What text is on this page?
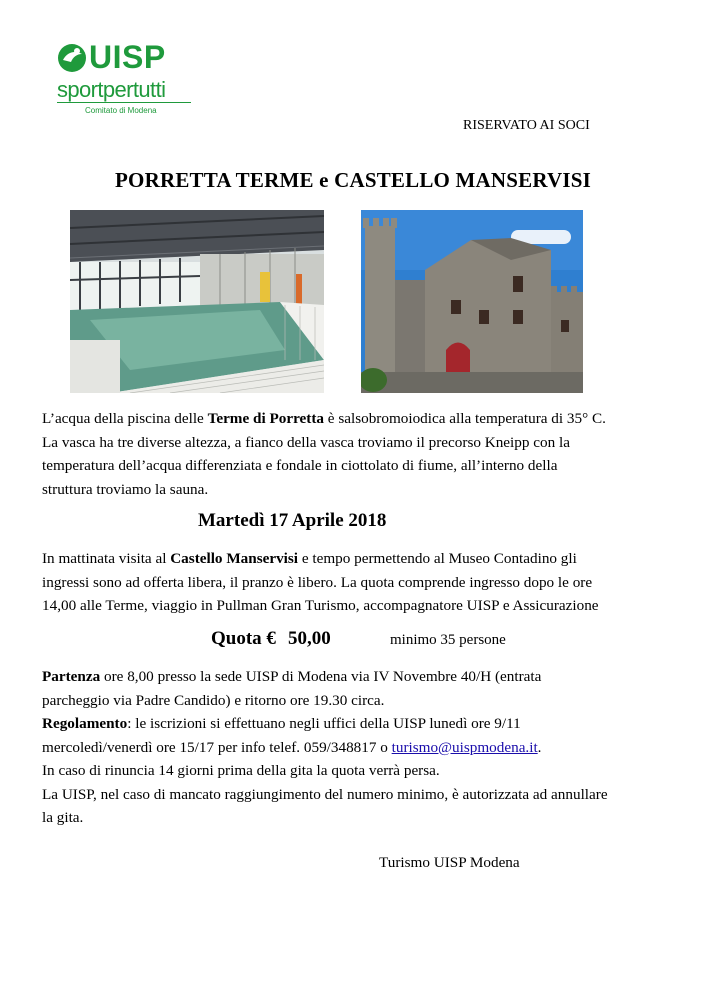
UISP
sportpertutti
Comitato di Modena
RISERVATO AI SOCI
PORRETTA TERME e CASTELLO MANSERVISI
L’acqua della piscina delle Terme di Porretta è salsobromoiodica alla temperatura di 35° C.
La vasca ha tre diverse altezza, a fianco della vasca troviamo il precorso Kneipp con la
temperatura dell’acqua differenziata e fondale in ciottolato di fiume, all’interno della
struttura troviamo la sauna.
Martedì 17 Aprile 2018
In mattinata visita al Castello Manservisi e tempo permettendo al Museo Contadino gli
ingressi sono ad offerta libera, il pranzo è libero. La quota comprende ingresso dopo le ore
14,00 alle Terme, viaggio in Pullman Gran Turismo, accompagnatore UISP e Assicurazione
Quota € 50,00	minimo 35 persone
Partenza ore 8,00 presso la sede UISP di Modena via IV Novembre 40/H (entrata
parcheggio via Padre Candido) e ritorno ore 19.30 circa.
Regolamento: le iscrizioni si effettuano negli uffici della UISP lunedì ore 9/11
mercoledì/venerdì ore 15/17 per info telef. 059/348817 o turismo@uispmodena.it.
In caso di rinuncia 14 giorni prima della gita la quota verrà persa.
La UISP, nel caso di mancato raggiungimento del numero minimo, è autorizzata ad annullare
la gita.
Turismo UISP Modena
